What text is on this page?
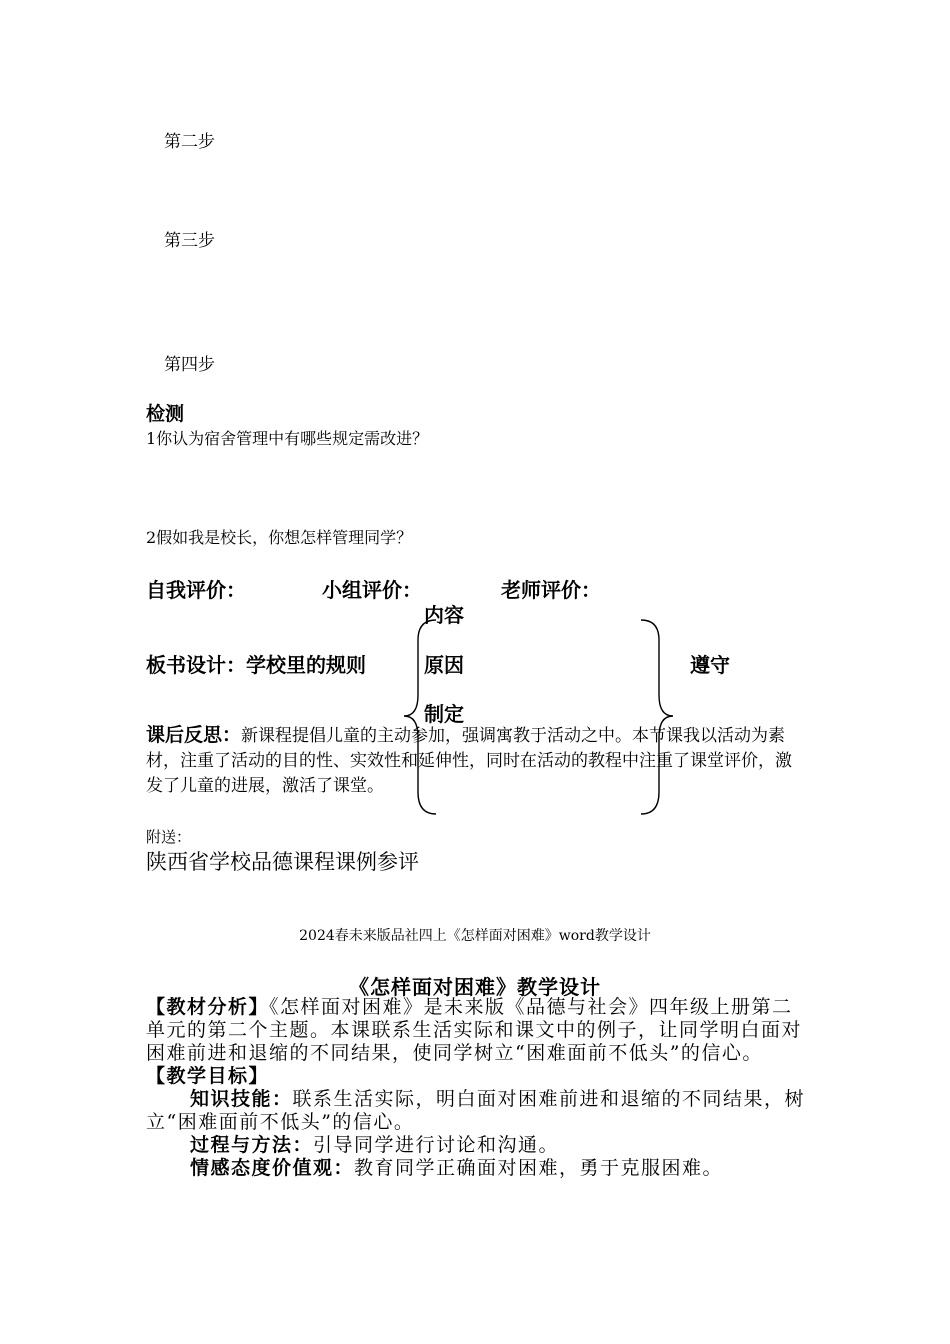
第二步
第三步
第四步
检测
1你认为宿舍管理中有哪些规定需改进？
2假如我是校长，你想怎样管理同学？
自我评价：	小组评价：	老师评价：
内容
板书设计：学校里的规则	原因	遵守
制定
课后反思：新课程提倡儿童的主动参加，强调寓教于活动之中。本节课我以活动为素材，注重了活动的目的性、实效性和延伸性，同时在活动的教程中注重了课堂评价，激发了儿童的进展，激活了课堂。
附送：
陕西省学校品德课程课例参评
2024春未来版品社四上《怎样面对困难》word教学设计
《怎样面对困难》教学设计
【教材分析】《怎样面对困难》是未来版《品德与社会》四年级上册第二单元的第二个主题。本课联系生活实际和课文中的例子，让同学明白面对困难前进和退缩的不同结果，使同学树立“困难面前不低头”的信心。
【教学目标】
知识技能：联系生活实际，明白面对困难前进和退缩的不同结果，树立“困难面前不低头”的信心。
过程与方法：引导同学进行讨论和沟通。
情感态度价值观：教育同学正确面对困难，勇于克服困难。
